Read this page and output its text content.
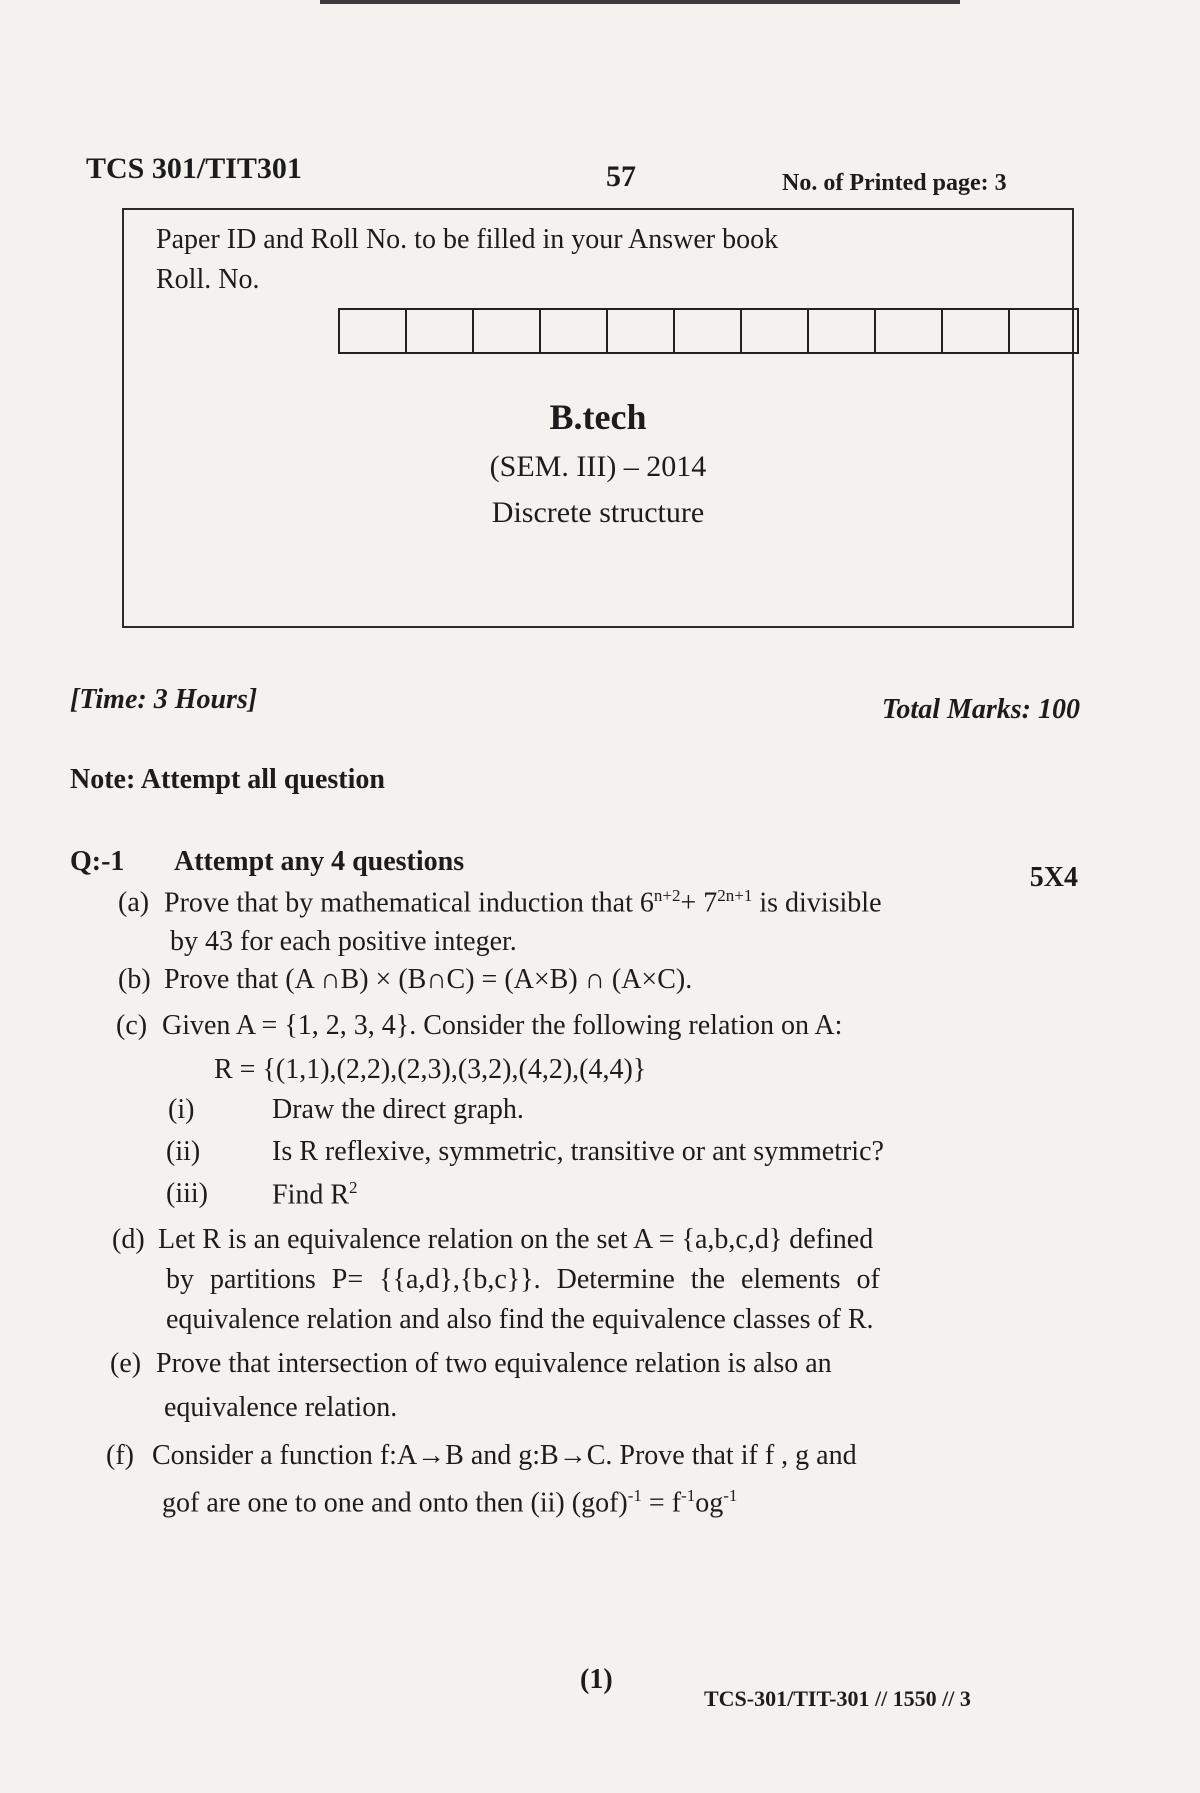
TCS 301/TIT301	57	No. of Printed page: 3
Paper ID and Roll No. to be filled in your Answer book
Roll. No.
B.tech
(SEM. III) – 2014
Discrete structure
[Time: 3 Hours]	Total Marks: 100
Note: Attempt all question
Q:-1 Attempt any 4 questions
5X4
(a) Prove that by mathematical induction that $6^{n+2}+ 7^{2n+1}$ is divisible
by 43 for each positive integer.
(b) Prove that (A ∩B) × (B∩C) = (A×B) ∩ (A×C).
(c) Given A = {1, 2, 3, 4}. Consider the following relation on A:
R = {(1,1),(2,2),(2,3),(3,2),(4,2),(4,4)}
(i)	Draw the direct graph.
(ii)	Is R reflexive, symmetric, transitive or ant symmetric?
(iii) Find $R^2$
(d) Let R is an equivalence relation on the set A = {a,b,c,d} defined
by partitions P= {{a,d},{b,c}}. Determine the elements of
equivalence relation and also find the equivalence classes of R.
(e) Prove that intersection of two equivalence relation is also an
equivalence relation.
(f) Consider a function f:A→B and g:B→C. Prove that if f , g and
gof are one to one and onto then (ii) $(gof)^{-1} = f^{-1}og^{-1}$
(1)
TCS-301/TIT-301 // 1550 // 3
